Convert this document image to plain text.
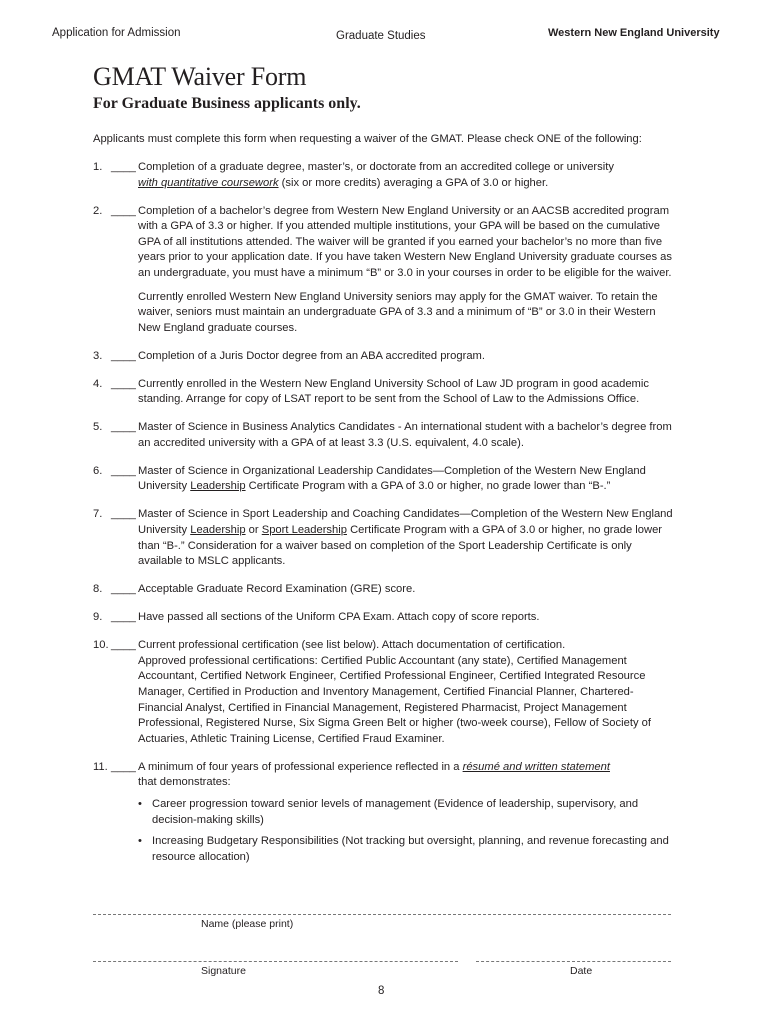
Application for Admission	Graduate Studies	Western New England University
GMAT Waiver Form
For Graduate Business applicants only.
Applicants must complete this form when requesting a waiver of the GMAT. Please check ONE of the following:
1. ____ Completion of a graduate degree, master’s, or doctorate from an accredited college or university
with quantitative coursework (six or more credits) averaging a GPA of 3.0 or higher.

2. ____ Completion of a bachelor’s degree from Western New England University or an AACSB accredited program with a GPA of 3.3 or higher. If you attended multiple institutions, your GPA will be based on the cumulative GPA of all institutions attended. The waiver will be granted if you earned your bachelor’s no more than five years prior to your application date. If you have taken Western New England University graduate courses as an undergraduate, you must have a minimum “B” or 3.0 in your courses in order to be eligible for the waiver.

Currently enrolled Western New England University seniors may apply for the GMAT waiver. To retain the waiver, seniors must maintain an undergraduate GPA of 3.3 and a minimum of “B” or 3.0 in their Western New England graduate courses.

3. ____ Completion of a Juris Doctor degree from an ABA accredited program.

4. ____ Currently enrolled in the Western New England University School of Law JD program in good academic standing. Arrange for copy of LSAT report to be sent from the School of Law to the Admissions Office.

5. ____ Master of Science in Business Analytics Candidates - An international student with a bachelor’s degree from an accredited university with a GPA of at least 3.3 (U.S. equivalent, 4.0 scale).

6. ____ Master of Science in Organizational Leadership Candidates—Completion of the Western New England University Leadership Certificate Program with a GPA of 3.0 or higher, no grade lower than “B-.”

7. ____ Master of Science in Sport Leadership and Coaching Candidates—Completion of the Western New England University Leadership or Sport Leadership Certificate Program with a GPA of 3.0 or higher, no grade lower than “B-.” Consideration for a waiver based on completion of the Sport Leadership Certificate is only available to MSLC applicants.

8. ____ Acceptable Graduate Record Examination (GRE) score.

9. ____ Have passed all sections of the Uniform CPA Exam. Attach copy of score reports.

10. ____ Current professional certification (see list below). Attach documentation of certification.

Approved professional certifications: Certified Public Accountant (any state), Certified Management Accountant, Certified Network Engineer, Certified Professional Engineer, Certified Integrated Resource Manager, Certified in Production and Inventory Management, Certified Financial Planner, Chartered-Financial Analyst, Certified in Financial Management, Registered Pharmacist, Project Management Professional, Registered Nurse, Six Sigma Green Belt or higher (two-week course), Fellow of Society of Actuaries, Athletic Training License, Certified Fraud Examiner.

11. ____ A minimum of four years of professional experience reflected in a résumé and written statement
that demonstrates:

• Career progression toward senior levels of management (Evidence of leadership, supervisory, and decision-making skills)
• Increasing Budgetary Responsibilities (Not tracking but oversight, planning, and revenue forecasting and resource allocation)
Name (please print)
Signature	Date
8
